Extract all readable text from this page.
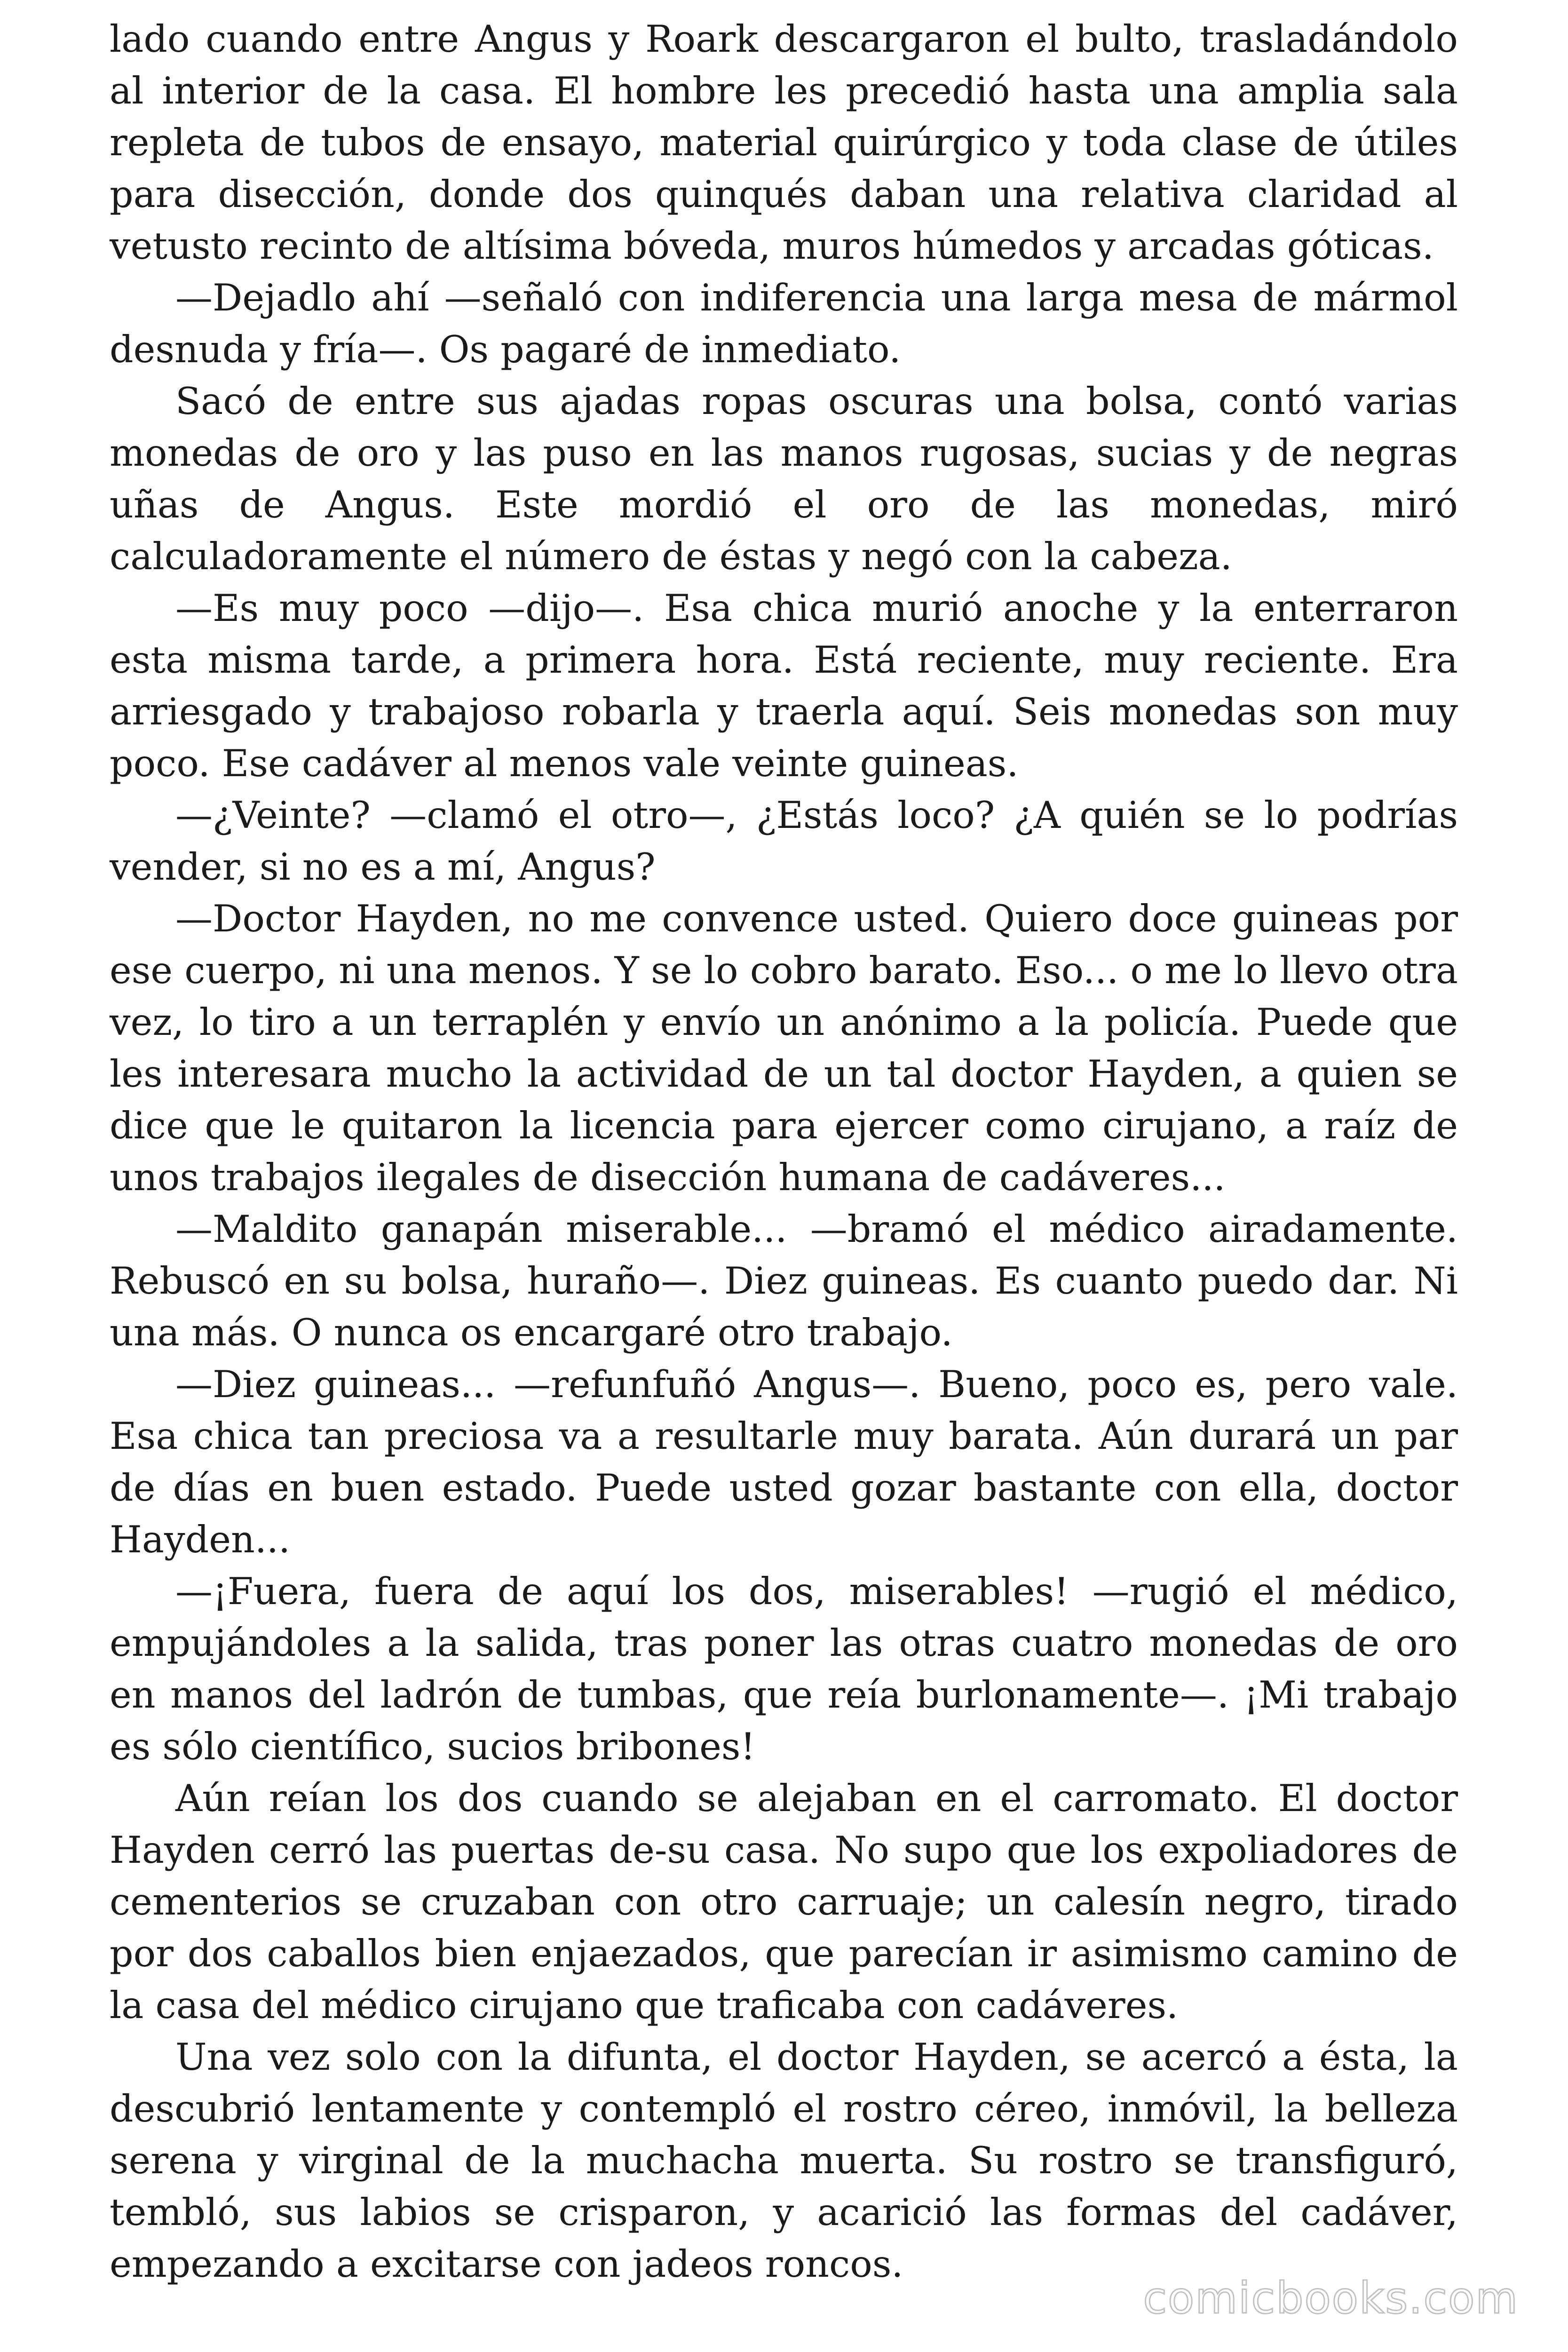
lado cuando entre Angus y Roark descargaron el bulto, trasladándolo al interior de la casa. El hombre les precedió hasta una amplia sala repleta de tubos de ensayo, material quirúrgico y toda clase de útiles para disección, donde dos quinqués daban una relativa claridad al vetusto recinto de altísima bóveda, muros húmedos y arcadas góticas.

—Dejadlo ahí —señaló con indiferencia una larga mesa de mármol desnuda y fría—. Os pagaré de inmediato.

Sacó de entre sus ajadas ropas oscuras una bolsa, contó varias monedas de oro y las puso en las manos rugosas, sucias y de negras uñas de Angus. Este mordió el oro de las monedas, miró calculadoramente el número de éstas y negó con la cabeza.

—Es muy poco —dijo—. Esa chica murió anoche y la enterraron esta misma tarde, a primera hora. Está reciente, muy reciente. Era arriesgado y trabajoso robarla y traerla aquí. Seis monedas son muy poco. Ese cadáver al menos vale veinte guineas.

—¿Veinte? —clamó el otro—, ¿Estás loco? ¿A quién se lo podrías vender, si no es a mí, Angus?

—Doctor Hayden, no me convence usted. Quiero doce guineas por ese cuerpo, ni una menos. Y se lo cobro barato. Eso... o me lo llevo otra vez, lo tiro a un terraplén y envío un anónimo a la policía. Puede que les interesara mucho la actividad de un tal doctor Hayden, a quien se dice que le quitaron la licencia para ejercer como cirujano, a raíz de unos trabajos ilegales de disección humana de cadáveres...

—Maldito ganapán miserable... —bramó el médico airadamente. Rebuscó en su bolsa, huraño—. Diez guineas. Es cuanto puedo dar. Ni una más. O nunca os encargaré otro trabajo.

—Diez guineas... —refunfuñó Angus—. Bueno, poco es, pero vale. Esa chica tan preciosa va a resultarle muy barata. Aún durará un par de días en buen estado. Puede usted gozar bastante con ella, doctor Hayden...

—¡Fuera, fuera de aquí los dos, miserables! —rugió el médico, empujándoles a la salida, tras poner las otras cuatro monedas de oro en manos del ladrón de tumbas, que reía burlonamente—. ¡Mi trabajo es sólo científico, sucios bribones!

Aún reían los dos cuando se alejaban en el carromato. El doctor Hayden cerró las puertas de-su casa. No supo que los expoliadores de cementerios se cruzaban con otro carruaje; un calesín negro, tirado por dos caballos bien enjaezados, que parecían ir asimismo camino de la casa del médico cirujano que traficaba con cadáveres.

Una vez solo con la difunta, el doctor Hayden, se acercó a ésta, la descubrió lentamente y contempló el rostro céreo, inmóvil, la belleza serena y virginal de la muchacha muerta. Su rostro se transfiguró, tembló, sus labios se crisparon, y acarició las formas del cadáver, empezando a excitarse con jadeos roncos.

comicbooks.com
